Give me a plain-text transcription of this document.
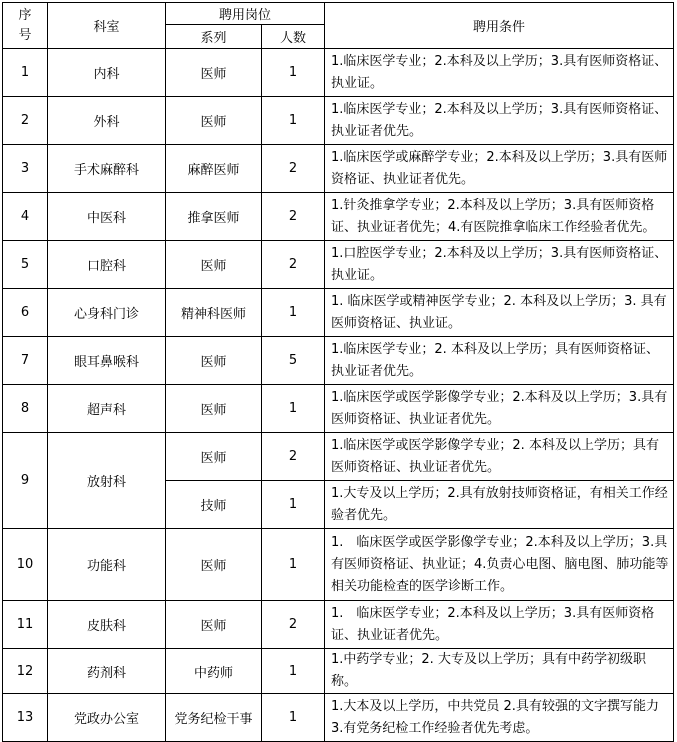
序
号	科室	聘用岗位		聘用条件
		系列	人数	
1	内科	医师	1	1.临床医学专业；2.本科及以上学历；3.具有医师资格证、执业证。
2	外科	医师	1	1.临床医学专业；2.本科及以上学历；3.具有医师资格证、执业证者优先。
3	手术麻醉科	麻醉医师	2	1.临床医学或麻醉学专业；2.本科及以上学历；3.具有医师资格证、执业证者优先。
4	中医科	推拿医师	2	1.针灸推拿学专业；2.本科及以上学历；3.具有医师资格证、执业证者优先；4.有医院推拿临床工作经验者优先。
5	口腔科	医师	2	1.口腔医学专业；2.本科及以上学历；3.具有医师资格证、执业证。
6	心身科门诊	精神科医师	1	1. 临床医学或精神医学专业；2. 本科及以上学历；3. 具有医师资格证、执业证。
7	眼耳鼻喉科	医师	5	1.临床医学专业；2. 本科及以上学历；具有医师资格证、执业证者优先。
8	超声科	医师	1	1.临床医学或医学影像学专业；2.本科及以上学历；3.具有医师资格证、执业证者优先。
9	放射科	医师	2	1.临床医学或医学影像学专业；2. 本科及以上学历；具有医师资格证、执业证者优先。
		技师	1	1.大专及以上学历；2.具有放射技师资格证，有相关工作经验者优先。
10	功能科	医师	1	1.　临床医学或医学影像学专业；2.本科及以上学历；3.具有医师资格证、执业证；4.负责心电图、脑电图、肺功能等相关功能检查的医学诊断工作。
11	皮肤科	医师	2	1.　临床医学专业；2.本科及以上学历；3.具有医师资格证、执业证者优先。
12	药剂科	中药师	1	1.中药学专业；2. 大专及以上学历；具有中药学初级职称。
13	党政办公室	党务纪检干事	1	1.大本及以上学历，中共党员 2.具有较强的文字撰写能力 3.有党务纪检工作经验者优先考虑。
